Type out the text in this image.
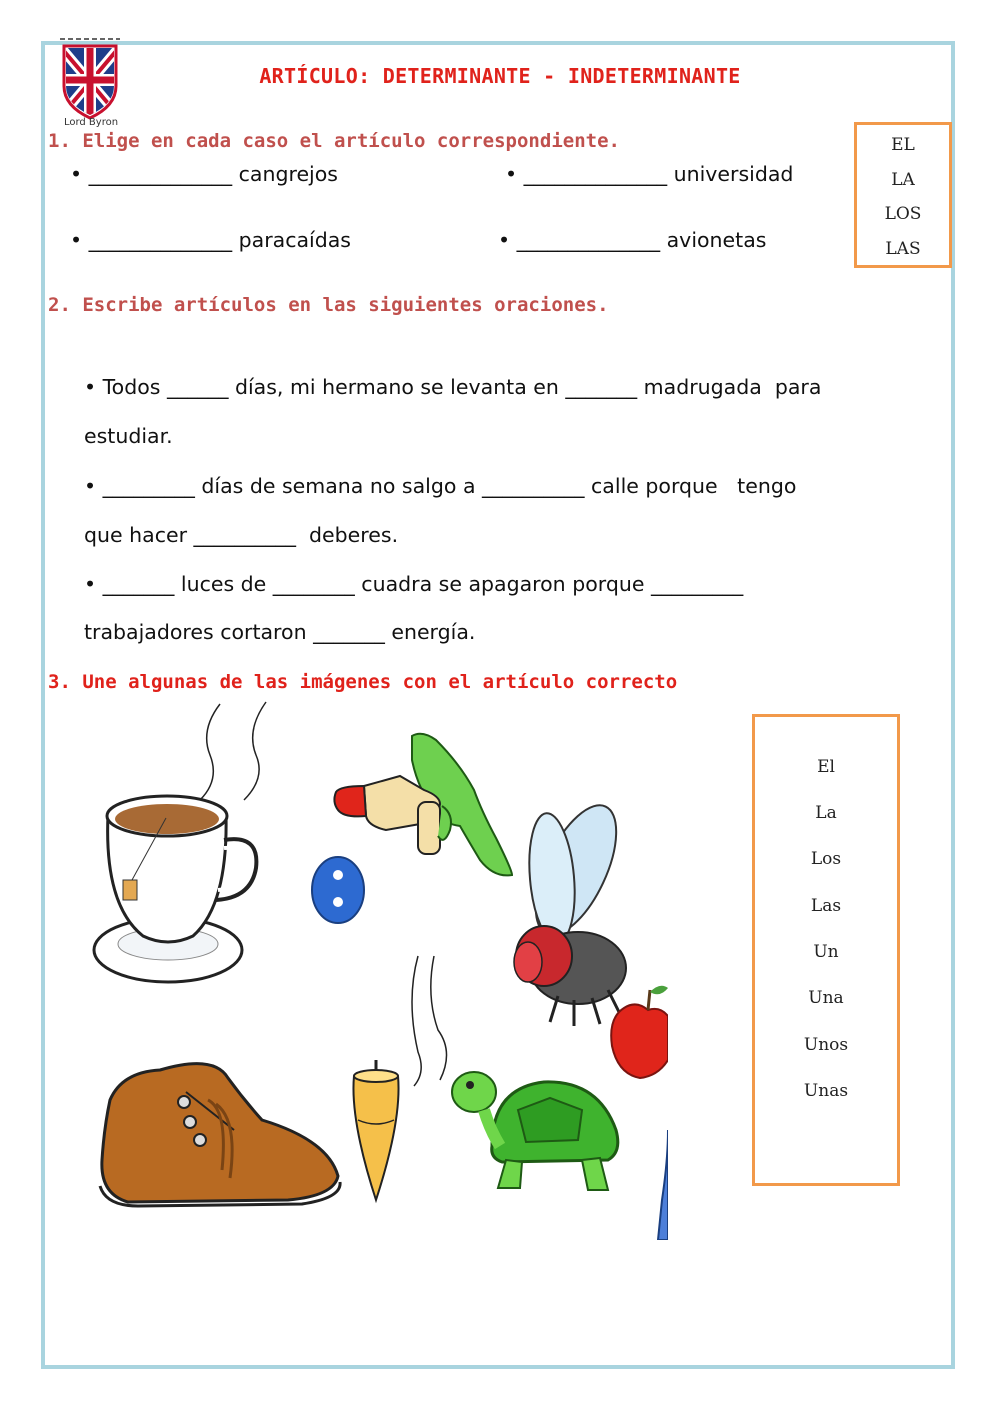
Lord Byron
ARTÍCULO: DETERMINANTE - INDETERMINANTE
1. Elige en cada caso el artículo correspondiente.
• ______________ cangrejos	• ______________ universidad
• ______________ paracaídas	• ______________ avionetas
EL
LA
LOS
LAS
2. Escribe artículos en las siguientes oraciones.
• Todos ______ días, mi hermano se levanta en _______ madrugada  para
estudiar.
• _________ días de semana no salgo a __________ calle porque   tengo
que hacer __________  deberes.
• _______ luces de ________ cuadra se apagaron porque _________
trabajadores cortaron _______ energía.
3. Une algunas de las imágenes con el artículo correcto
El
La
Los
Las
Un
Una
Unos
Unas
